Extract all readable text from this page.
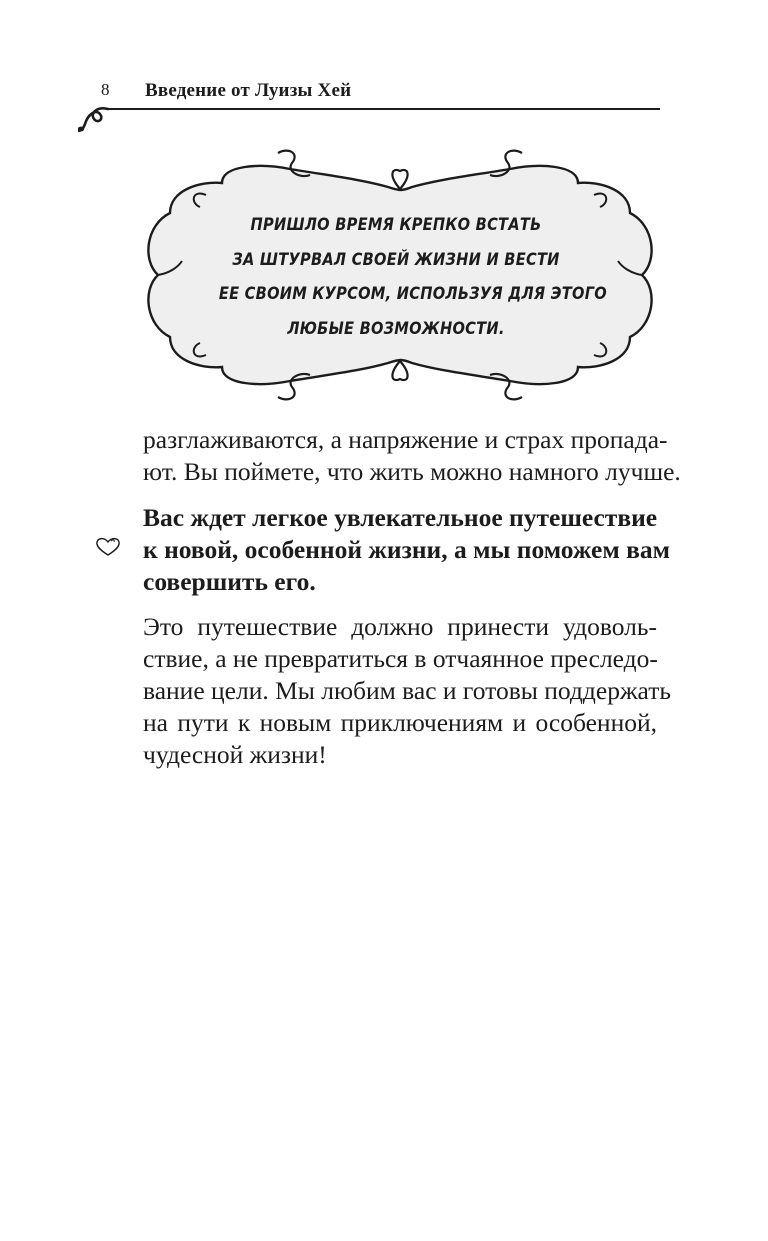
8 Введение от Луизы Хей
ПРИШЛО ВРЕМЯ КРЕПКО ВСТАТЬ
ЗА ШТУРВАЛ СВОЕЙ ЖИЗНИ И ВЕСТИ
ЕЕ СВОИМ КУРСОМ, ИСПОЛЬЗУЯ ДЛЯ ЭТОГО
ЛЮБЫЕ ВОЗМОЖНОСТИ.
разглаживаются, а напряжение и страх пропада-
ют. Вы поймете, что жить можно намного лучше.
Вас ждет легкое увлекательное путешествие
к новой, особенной жизни, а мы поможем вам
совершить его.
Это путешествие должно принести удоволь-
ствие, а не превратиться в отчаянное преследо-
вание цели. Мы любим вас и готовы поддержать
на пути к новым приключениям и особенной,
чудесной жизни!
